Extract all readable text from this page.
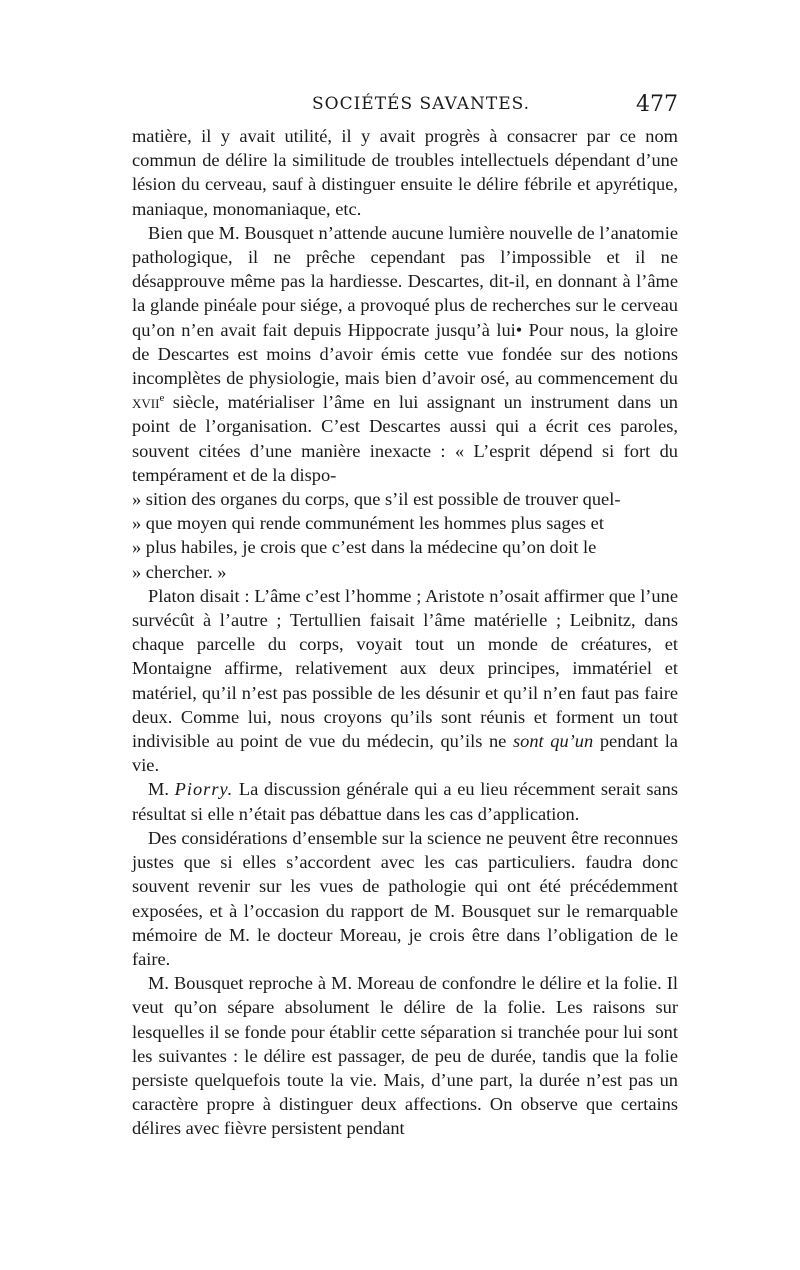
SOCIÉTÉS SAVANTES.	477

matière, il y avait utilité, il y avait progrès à consacrer par ce nom commun de délire la similitude de troubles intellectuels dépendant d’une lésion du cerveau, sauf à distinguer ensuite le délire fébrile et apyrétique, maniaque, monomaniaque, etc.

Bien que M. Bousquet n’attende aucune lumière nouvelle de l’anatomie pathologique, il ne prêche cependant pas l’impossible et il ne désapprouve même pas la hardiesse. Descartes, dit-il, en donnant à l’âme la glande pinéale pour siége, a provoqué plus de recherches sur le cerveau qu’on n’en avait fait depuis Hippocrate jusqu’à lui• Pour nous, la gloire de Descartes est moins d’avoir émis cette vue fondée sur des notions incomplètes de physiologie, mais bien d’avoir osé, au commencement du xvii$^e$ siècle, matérialiser l’âme en lui assignant un instrument dans un point de l’organisation. C’est Descartes aussi qui a écrit ces paroles, souvent citées d’une manière inexacte : « L’esprit dépend si fort du tempérament et de la dispo-

» sition des organes du corps, que s’il est possible de trouver quel-

» que moyen qui rende communément les hommes plus sages et

» plus habiles, je crois que c’est dans la médecine qu’on doit le

» chercher. »

Platon disait : L’âme c’est l’homme ; Aristote n’osait affirmer que l’une survécût à l’autre ; Tertullien faisait l’âme matérielle ; Leibnitz, dans chaque parcelle du corps, voyait tout un monde de créatures, et Montaigne affirme, relativement aux deux principes, immatériel et matériel, qu’il n’est pas possible de les désunir et qu’il n’en faut pas faire deux. Comme lui, nous croyons qu’ils sont réunis et forment un tout indivisible au point de vue du médecin, qu’ils ne sont qu’un pendant la vie.

M. Piorry. La discussion générale qui a eu lieu récemment serait sans résultat si elle n’était pas débattue dans les cas d’application.

Des considérations d’ensemble sur la science ne peuvent être reconnues justes que si elles s’accordent avec les cas particuliers. faudra donc souvent revenir sur les vues de pathologie qui ont été précédemment exposées, et à l’occasion du rapport de M. Bousquet sur le remarquable mémoire de M. le docteur Moreau, je crois être dans l’obligation de le faire.

M. Bousquet reproche à M. Moreau de confondre le délire et la folie. Il veut qu’on sépare absolument le délire de la folie. Les raisons sur lesquelles il se fonde pour établir cette séparation si tranchée pour lui sont les suivantes : le délire est passager, de peu de durée, tandis que la folie persiste quelquefois toute la vie. Mais, d’une part, la durée n’est pas un caractère propre à distinguer deux affections. On observe que certains délires avec fièvre persistent pendant
